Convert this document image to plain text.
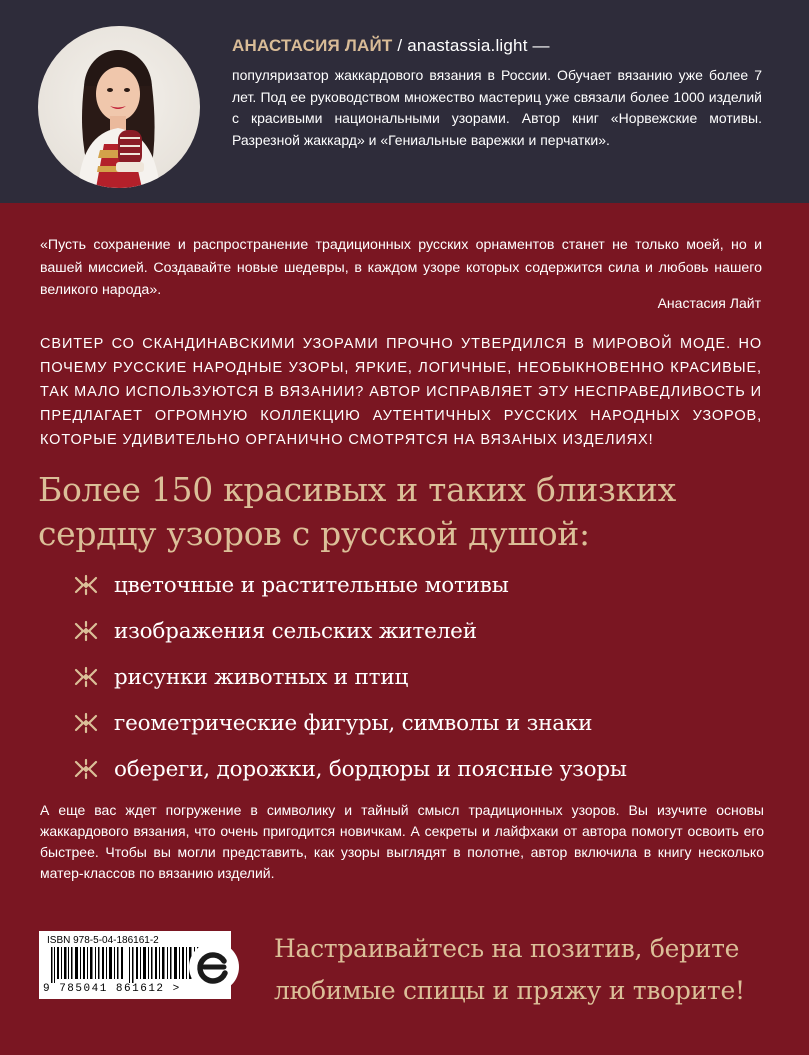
АНАСТАСИЯ ЛАЙТ / anastassia.light —
популяризатор жаккардового вязания в России. Обучает вязанию уже более 7 лет. Под ее руководством множество мастериц уже связали более 1000 изделий с красивыми национальными узорами. Автор книг «Норвежские мотивы. Разрезной жаккард» и «Гениальные варежки и перчатки».
«Пусть сохранение и распространение традиционных русских орнаментов станет не только моей, но и вашей миссией. Создавайте новые шедевры, в каждом узоре которых содержится сила и любовь нашего великого народа».
Анастасия Лайт
СВИТЕР СО СКАНДИНАВСКИМИ УЗОРАМИ ПРОЧНО УТВЕРДИЛСЯ В МИРОВОЙ МОДЕ. НО ПОЧЕМУ РУССКИЕ НАРОДНЫЕ УЗОРЫ, ЯРКИЕ, ЛОГИЧНЫЕ, НЕОБЫКНОВЕННО КРАСИВЫЕ, ТАК МАЛО ИСПОЛЬЗУЮТСЯ В ВЯЗАНИИ? АВТОР ИСПРАВЛЯЕТ ЭТУ НЕСПРАВЕДЛИВОСТЬ И ПРЕДЛАГАЕТ ОГРОМНУЮ КОЛЛЕКЦИЮ АУТЕНТИЧНЫХ РУССКИХ НАРОДНЫХ УЗОРОВ, КОТОРЫЕ УДИВИТЕЛЬНО ОРГАНИЧНО СМОТРЯТСЯ НА ВЯЗАНЫХ ИЗДЕЛИЯХ!
Более 150 красивых и таких близких сердцу узоров с русской душой:
цветочные и растительные мотивы
изображения сельских жителей
рисунки животных и птиц
геометрические фигуры, символы и знаки
обереги, дорожки, бордюры и поясные узоры
А еще вас ждет погружение в символику и тайный смысл традиционных узоров. Вы изучите основы жаккардового вязания, что очень пригодится новичкам. А секреты и лайфхаки от автора помогут освоить его быстрее. Чтобы вы могли представить, как узоры выглядят в полотне, автор включила в книгу несколько матер-классов по вязанию изделий.
ISBN 978-5-04-186161-2
9 785041 861612 >
Настраивайтесь на позитив, берите любимые спицы и пряжу и творите!
